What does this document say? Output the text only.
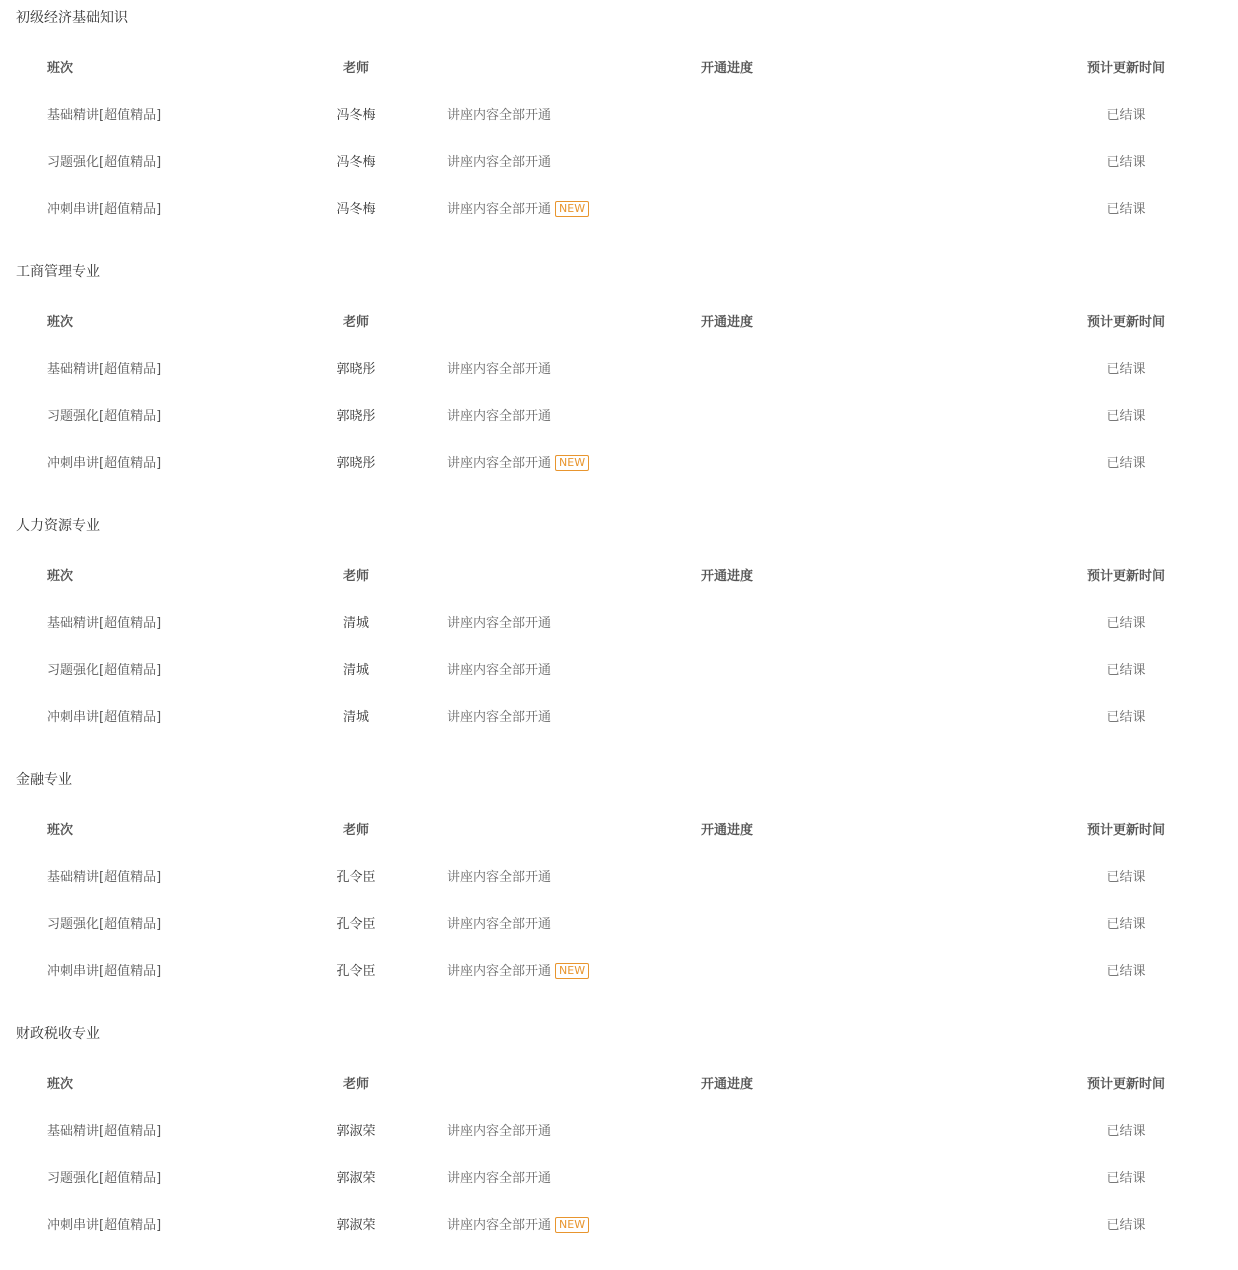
初级经济基础知识
班次	老师	开通进度	预计更新时间
基础精讲[超值精品]	冯冬梅	讲座内容全部开通	已结课
习题强化[超值精品]	冯冬梅	讲座内容全部开通	已结课
冲刺串讲[超值精品]	冯冬梅	讲座内容全部开通 NEW	已结课
工商管理专业
班次	老师	开通进度	预计更新时间
基础精讲[超值精品]	郭晓彤	讲座内容全部开通	已结课
习题强化[超值精品]	郭晓彤	讲座内容全部开通	已结课
冲刺串讲[超值精品]	郭晓彤	讲座内容全部开通 NEW	已结课
人力资源专业
班次	老师	开通进度	预计更新时间
基础精讲[超值精品]	清城	讲座内容全部开通	已结课
习题强化[超值精品]	清城	讲座内容全部开通	已结课
冲刺串讲[超值精品]	清城	讲座内容全部开通	已结课
金融专业
班次	老师	开通进度	预计更新时间
基础精讲[超值精品]	孔令臣	讲座内容全部开通	已结课
习题强化[超值精品]	孔令臣	讲座内容全部开通	已结课
冲刺串讲[超值精品]	孔令臣	讲座内容全部开通 NEW	已结课
财政税收专业
班次	老师	开通进度	预计更新时间
基础精讲[超值精品]	郭淑荣	讲座内容全部开通	已结课
习题强化[超值精品]	郭淑荣	讲座内容全部开通	已结课
冲刺串讲[超值精品]	郭淑荣	讲座内容全部开通 NEW	已结课
